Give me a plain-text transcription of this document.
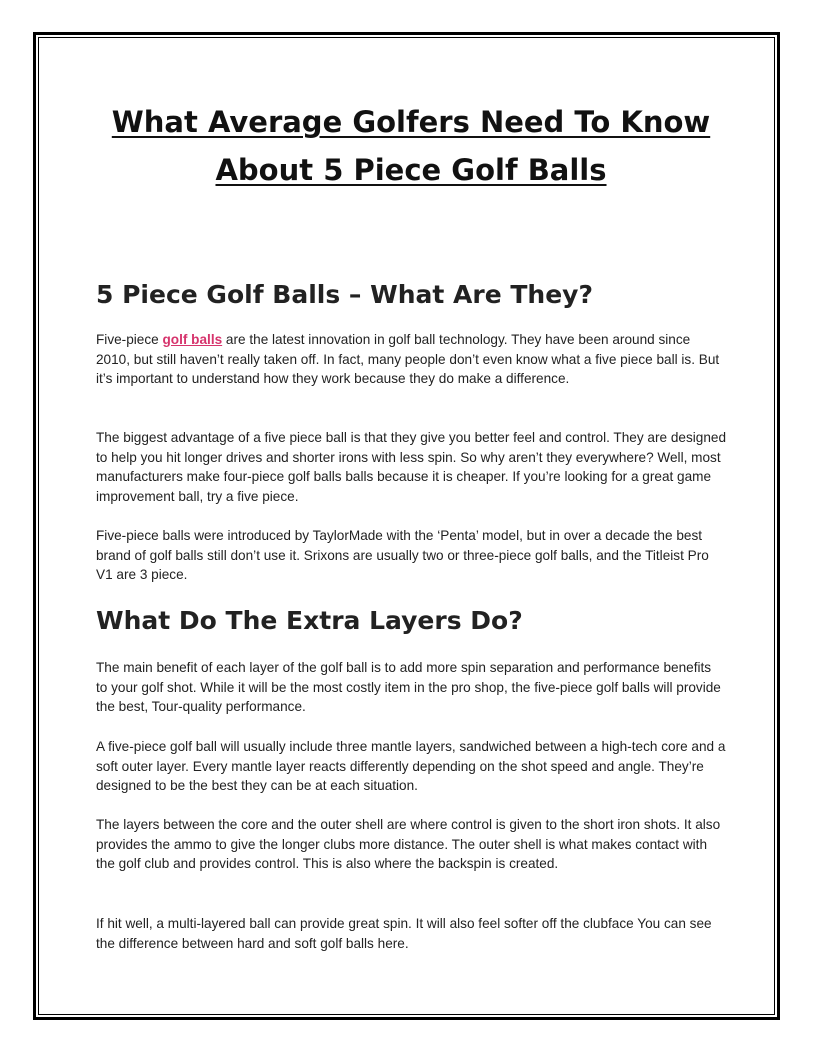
What Average Golfers Need To Know About 5 Piece Golf Balls
5 Piece Golf Balls – What Are They?

Five-piece golf balls are the latest innovation in golf ball technology. They have been around since 2010, but still haven’t really taken off. In fact, many people don’t even know what a five piece ball is. But it’s important to understand how they work because they do make a difference.

The biggest advantage of a five piece ball is that they give you better feel and control. They are designed to help you hit longer drives and shorter irons with less spin. So why aren’t they everywhere? Well, most manufacturers make four-piece golf balls balls because it is cheaper. If you’re looking for a great game improvement ball, try a five piece.

Five-piece balls were introduced by TaylorMade with the ‘Penta’ model, but in over a decade the best brand of golf balls still don’t use it. Srixons are usually two or three-piece golf balls, and the Titleist Pro V1 are 3 piece.

What Do The Extra Layers Do?

The main benefit of each layer of the golf ball is to add more spin separation and performance benefits to your golf shot. While it will be the most costly item in the pro shop, the five-piece golf balls will provide the best, Tour-quality performance.

A five-piece golf ball will usually include three mantle layers, sandwiched between a high-tech core and a soft outer layer. Every mantle layer reacts differently depending on the shot speed and angle. They’re designed to be the best they can be at each situation.

The layers between the core and the outer shell are where control is given to the short iron shots. It also provides the ammo to give the longer clubs more distance. The outer shell is what makes contact with the golf club and provides control. This is also where the backspin is created.

If hit well, a multi-layered ball can provide great spin. It will also feel softer off the clubface You can see the difference between hard and soft golf balls here.
